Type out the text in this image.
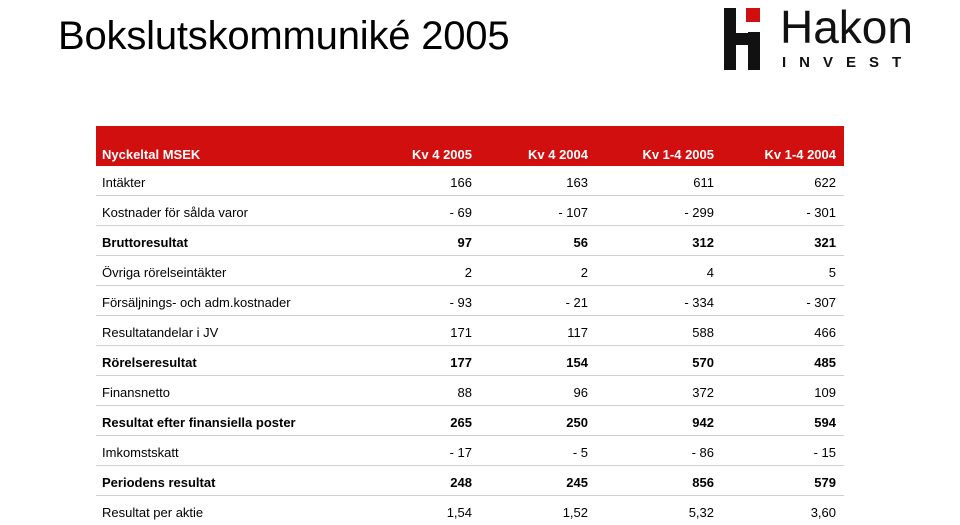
Bokslutskommuniké 2005	Hakon
INVEST
Nyckeltal MSEK	Kv 4 2005	Kv 4 2004	Kv 1-4 2005	Kv 1-4 2004
Intäkter	166	163	611	622
Kostnader för sålda varor	- 69	- 107	- 299	- 301
Bruttoresultat	97	56	312	321
Övriga rörelseintäkter	2	2	4	5
Försäljnings- och adm.kostnader	- 93	- 21	- 334	- 307
Resultatandelar i JV	171	117	588	466
Rörelseresultat	177	154	570	485
Finansnetto	88	96	372	109
Resultat efter finansiella poster	265	250	942	594
Imkomstskatt	- 17	- 5	- 86	- 15
Periodens resultat	248	245	856	579
Resultat per aktie	1,54	1,52	5,32	3,60
